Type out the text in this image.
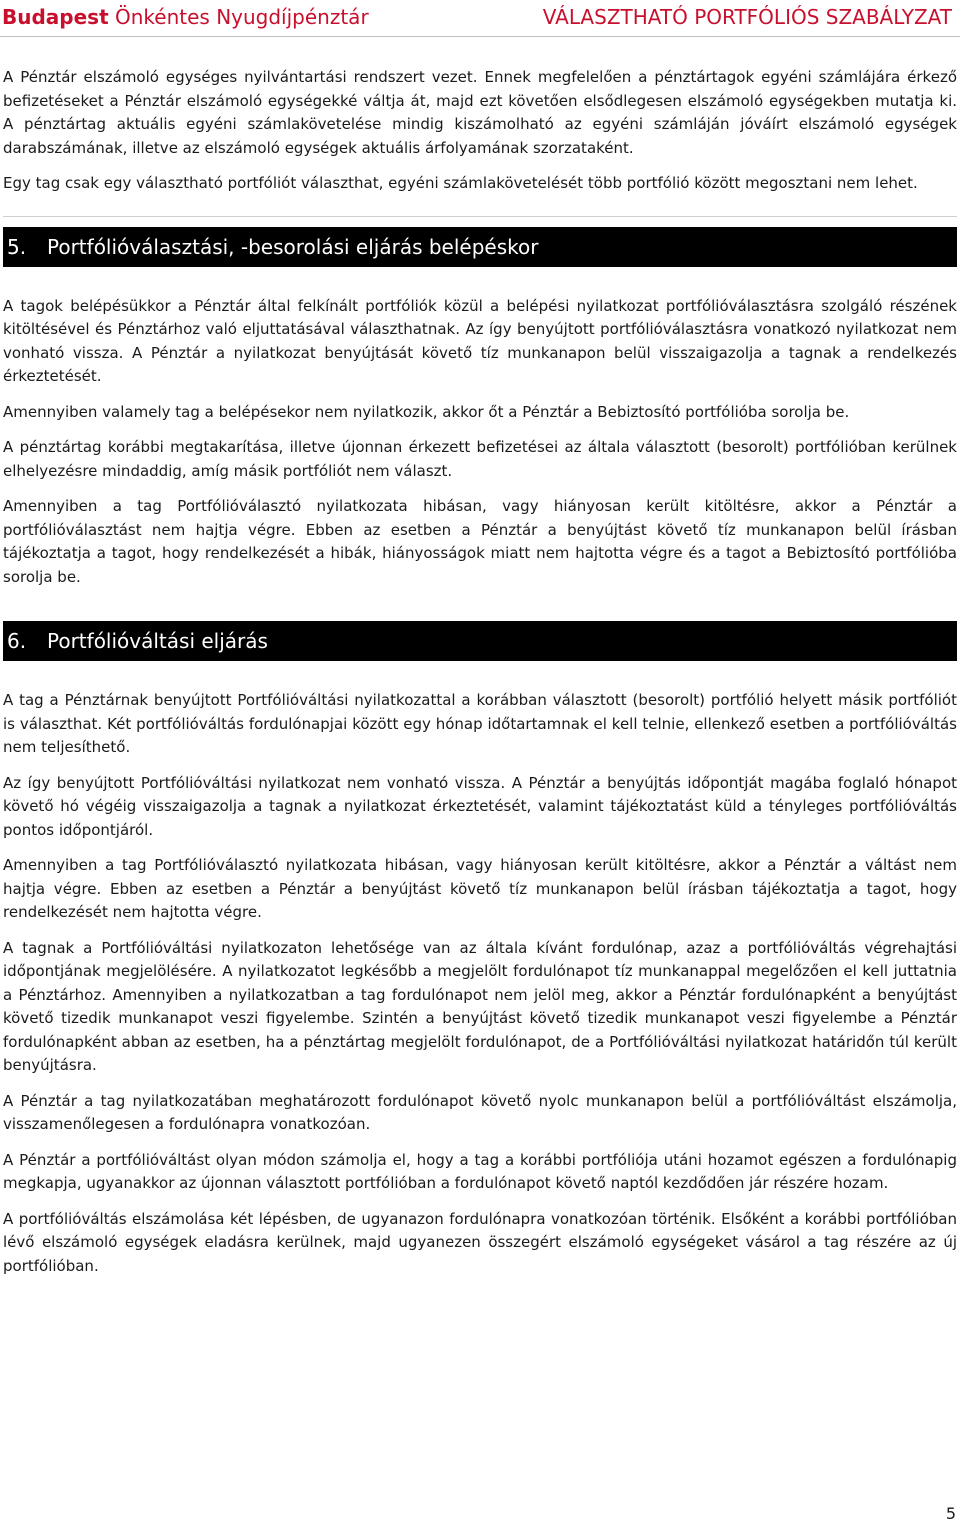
Budapest Önkéntes Nyugdíjpénztár	VÁLASZTHATÓ PORTFÓLIÓS SZABÁLYZAT

A Pénztár elszámoló egységes nyilvántartási rendszert vezet. Ennek megfelelően a pénztártagok egyéni számlájára érkező befizetéseket a Pénztár elszámoló egységekké váltja át, majd ezt követően elsődlegesen elszámoló egységekben mutatja ki. A pénztártag aktuális egyéni számlakövetelése mindig kiszámolható az egyéni számláján jóváírt elszámoló egységek darabszámának, illetve az elszámoló egységek aktuális árfolyamának szorzataként.

Egy tag csak egy választható portfóliót választhat, egyéni számlakövetelését több portfólió között megosztani nem lehet.

5. Portfólióválasztási, -besorolási eljárás belépéskor

A tagok belépésükkor a Pénztár által felkínált portfóliók közül a belépési nyilatkozat portfólióválasztásra szolgáló részének kitöltésével és Pénztárhoz való eljuttatásával választhatnak. Az így benyújtott portfólióválasztásra vonatkozó nyilatkozat nem vonható vissza. A Pénztár a nyilatkozat benyújtását követő tíz munkanapon belül visszaigazolja a tagnak a rendelkezés érkeztetését.

Amennyiben valamely tag a belépésekor nem nyilatkozik, akkor őt a Pénztár a Bebiztosító portfólióba sorolja be.

A pénztártag korábbi megtakarítása, illetve újonnan érkezett befizetései az általa választott (besorolt) portfólióban kerülnek elhelyezésre mindaddig, amíg másik portfóliót nem választ.

Amennyiben a tag Portfólióválasztó nyilatkozata hibásan, vagy hiányosan került kitöltésre, akkor a Pénztár a portfólióválasztást nem hajtja végre. Ebben az esetben a Pénztár a benyújtást követő tíz munkanapon belül írásban tájékoztatja a tagot, hogy rendelkezését a hibák, hiányosságok miatt nem hajtotta végre és a tagot a Bebiztosító portfólióba sorolja be.

6. Portfólióváltási eljárás

A tag a Pénztárnak benyújtott Portfólióváltási nyilatkozattal a korábban választott (besorolt) portfólió helyett másik portfóliót is választhat. Két portfólióváltás fordulónapjai között egy hónap időtartamnak el kell telnie, ellenkező esetben a portfólióváltás nem teljesíthető.

Az így benyújtott Portfólióváltási nyilatkozat nem vonható vissza. A Pénztár a benyújtás időpontját magába foglaló hónapot követő hó végéig visszaigazolja a tagnak a nyilatkozat érkeztetését, valamint tájékoztatást küld a tényleges portfólióváltás pontos időpontjáról.

Amennyiben a tag Portfólióválasztó nyilatkozata hibásan, vagy hiányosan került kitöltésre, akkor a Pénztár a váltást nem hajtja végre. Ebben az esetben a Pénztár a benyújtást követő tíz munkanapon belül írásban tájékoztatja a tagot, hogy rendelkezését nem hajtotta végre.

A tagnak a Portfólióváltási nyilatkozaton lehetősége van az általa kívánt fordulónap, azaz a portfólióváltás végrehajtási időpontjának megjelölésére. A nyilatkozatot legkésőbb a megjelölt fordulónapot tíz munkanappal megelőzően el kell juttatnia a Pénztárhoz. Amennyiben a nyilatkozatban a tag fordulónapot nem jelöl meg, akkor a Pénztár fordulónapként a benyújtást követő tizedik munkanapot veszi figyelembe. Szintén a benyújtást követő tizedik munkanapot veszi figyelembe a Pénztár fordulónapként abban az esetben, ha a pénztártag megjelölt fordulónapot, de a Portfólióváltási nyilatkozat határidőn túl került benyújtásra.

A Pénztár a tag nyilatkozatában meghatározott fordulónapot követő nyolc munkanapon belül a portfólióváltást elszámolja, visszamenőlegesen a fordulónapra vonatkozóan.

A Pénztár a portfólióváltást olyan módon számolja el, hogy a tag a korábbi portfóliója utáni hozamot egészen a fordulónapig megkapja, ugyanakkor az újonnan választott portfólióban a fordulónapot követő naptól kezdődően jár részére hozam.

A portfólióváltás elszámolása két lépésben, de ugyanazon fordulónapra vonatkozóan történik. Elsőként a korábbi portfólióban lévő elszámoló egységek eladásra kerülnek, majd ugyanezen összegért elszámoló egységeket vásárol a tag részére az új portfólióban.

5
